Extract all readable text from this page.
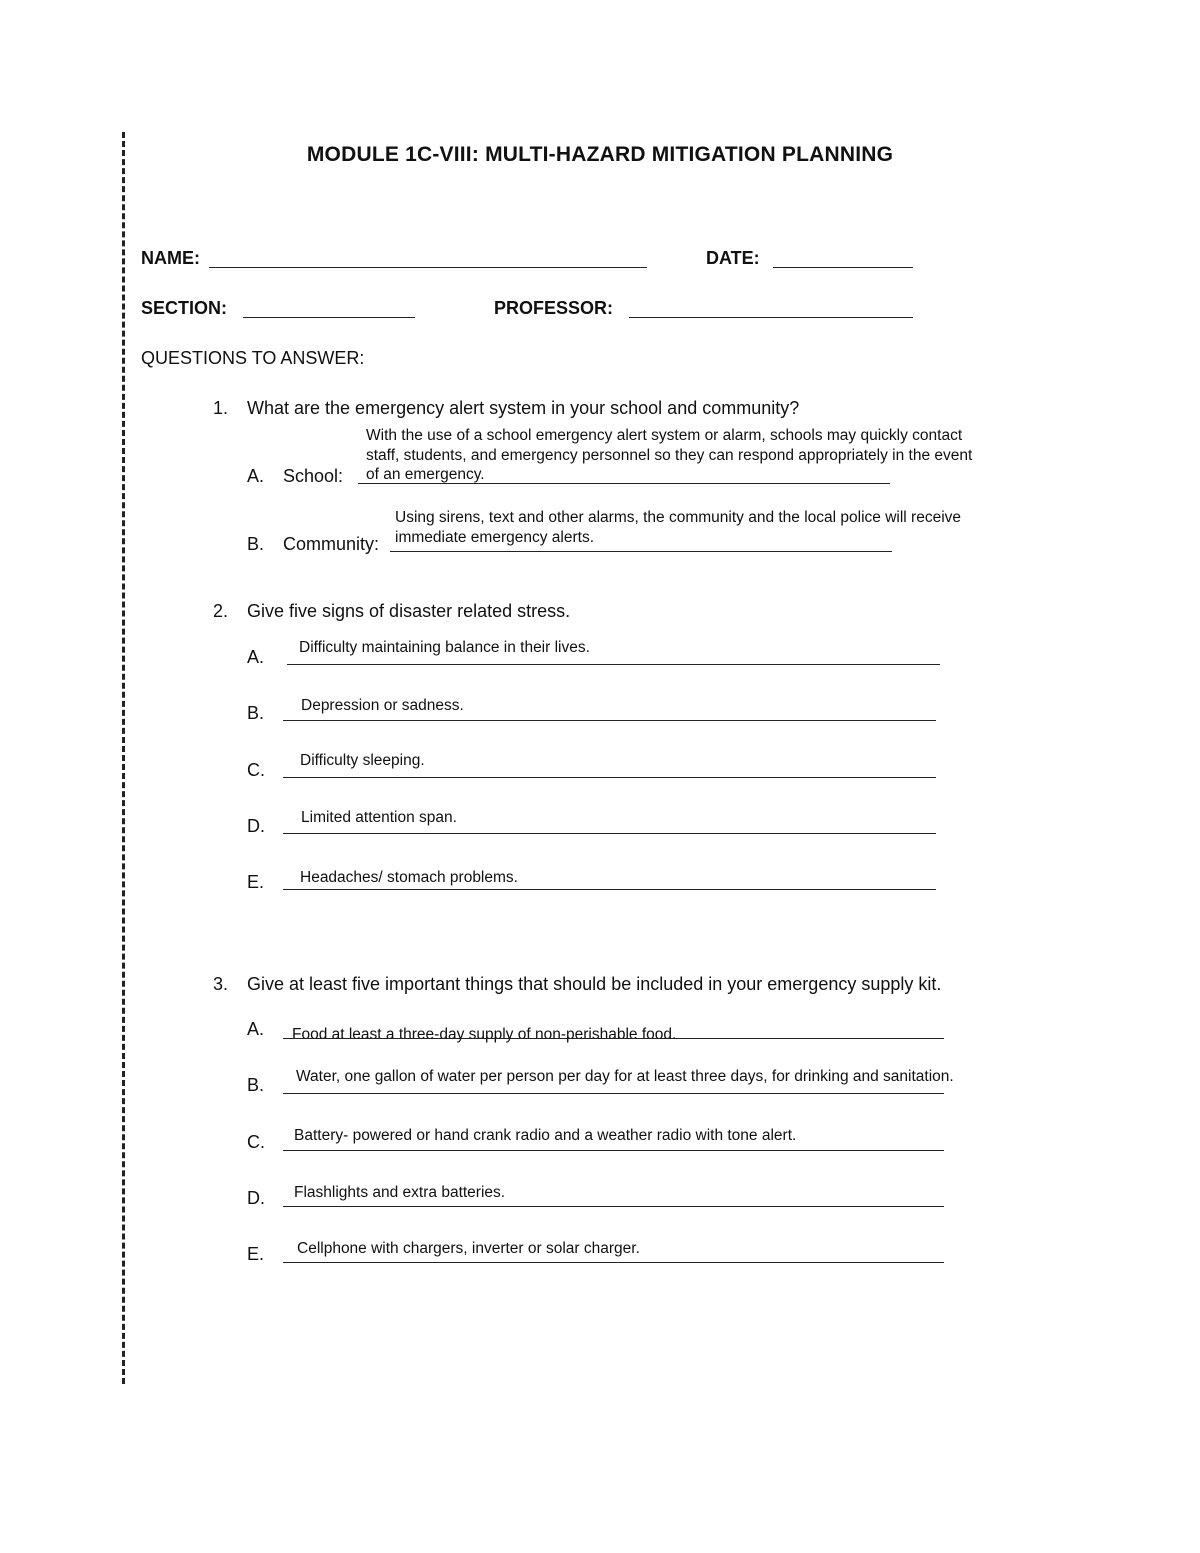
MODULE 1C-VIII: MULTI-HAZARD MITIGATION PLANNING
NAME:	DATE:
SECTION:	PROFESSOR:
QUESTIONS TO ANSWER:
1. What are the emergency alert system in your school and community?
With the use of a school emergency alert system or alarm, schools may quickly contact
staff, students, and emergency personnel so they can respond appropriately in the event
A. School: of an emergency.
Using sirens, text and other alarms, the community and the local police will receive
B. Community: immediate emergency alerts.
2. Give five signs of disaster related stress.
A. Difficulty maintaining balance in their lives.
B. Depression or sadness.
C. Difficulty sleeping.
D. Limited attention span.
E. Headaches/ stomach problems.
3. Give at least five important things that should be included in your emergency supply kit.
A. Food at least a three-day supply of non-perishable food.
B. Water, one gallon of water per person per day for at least three days, for drinking and sanitation.
C. Battery- powered or hand crank radio and a weather radio with tone alert.
D. Flashlights and extra batteries.
E. Cellphone with chargers, inverter or solar charger.
